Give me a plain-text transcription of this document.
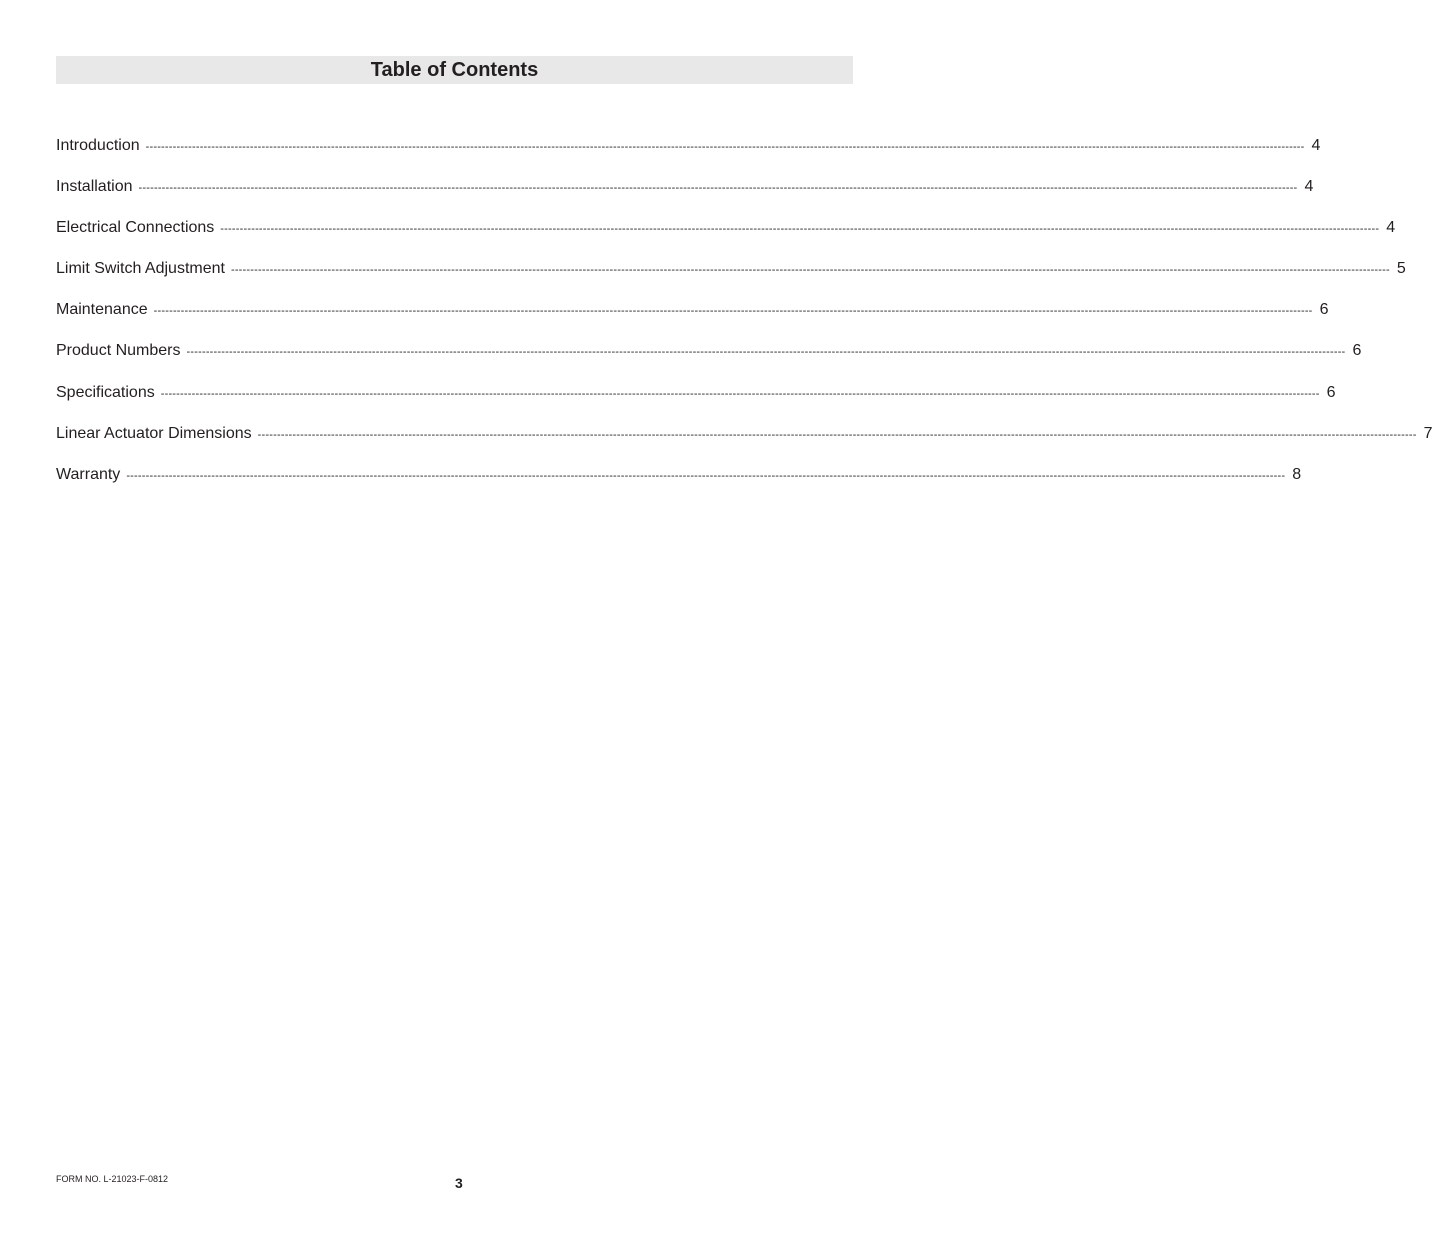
Table of Contents
Introduction ------------------------------------------------------------------------------------------------------------------------------------------------------------------------------------------------------------------------------------------------------------------------------------------------------------ 4
Installation ------------------------------------------------------------------------------------------------------------------------------------------------------------------------------------------------------------------------------------------------------------------------------------------------------------ 4
Electrical Connections ------------------------------------------------------------------------------------------------------------------------------------------------------------------------------------------------------------------------------------------------------------------------------------------------------------ 4
Limit Switch Adjustment ------------------------------------------------------------------------------------------------------------------------------------------------------------------------------------------------------------------------------------------------------------------------------------------------------------ 5
Maintenance ------------------------------------------------------------------------------------------------------------------------------------------------------------------------------------------------------------------------------------------------------------------------------------------------------------ 6
Product Numbers ------------------------------------------------------------------------------------------------------------------------------------------------------------------------------------------------------------------------------------------------------------------------------------------------------------ 6
Specifications ------------------------------------------------------------------------------------------------------------------------------------------------------------------------------------------------------------------------------------------------------------------------------------------------------------ 6
Linear Actuator Dimensions ------------------------------------------------------------------------------------------------------------------------------------------------------------------------------------------------------------------------------------------------------------------------------------------------------------ 7
Warranty ------------------------------------------------------------------------------------------------------------------------------------------------------------------------------------------------------------------------------------------------------------------------------------------------------------ 8
FORM NO. L-21023-F-0812	3
